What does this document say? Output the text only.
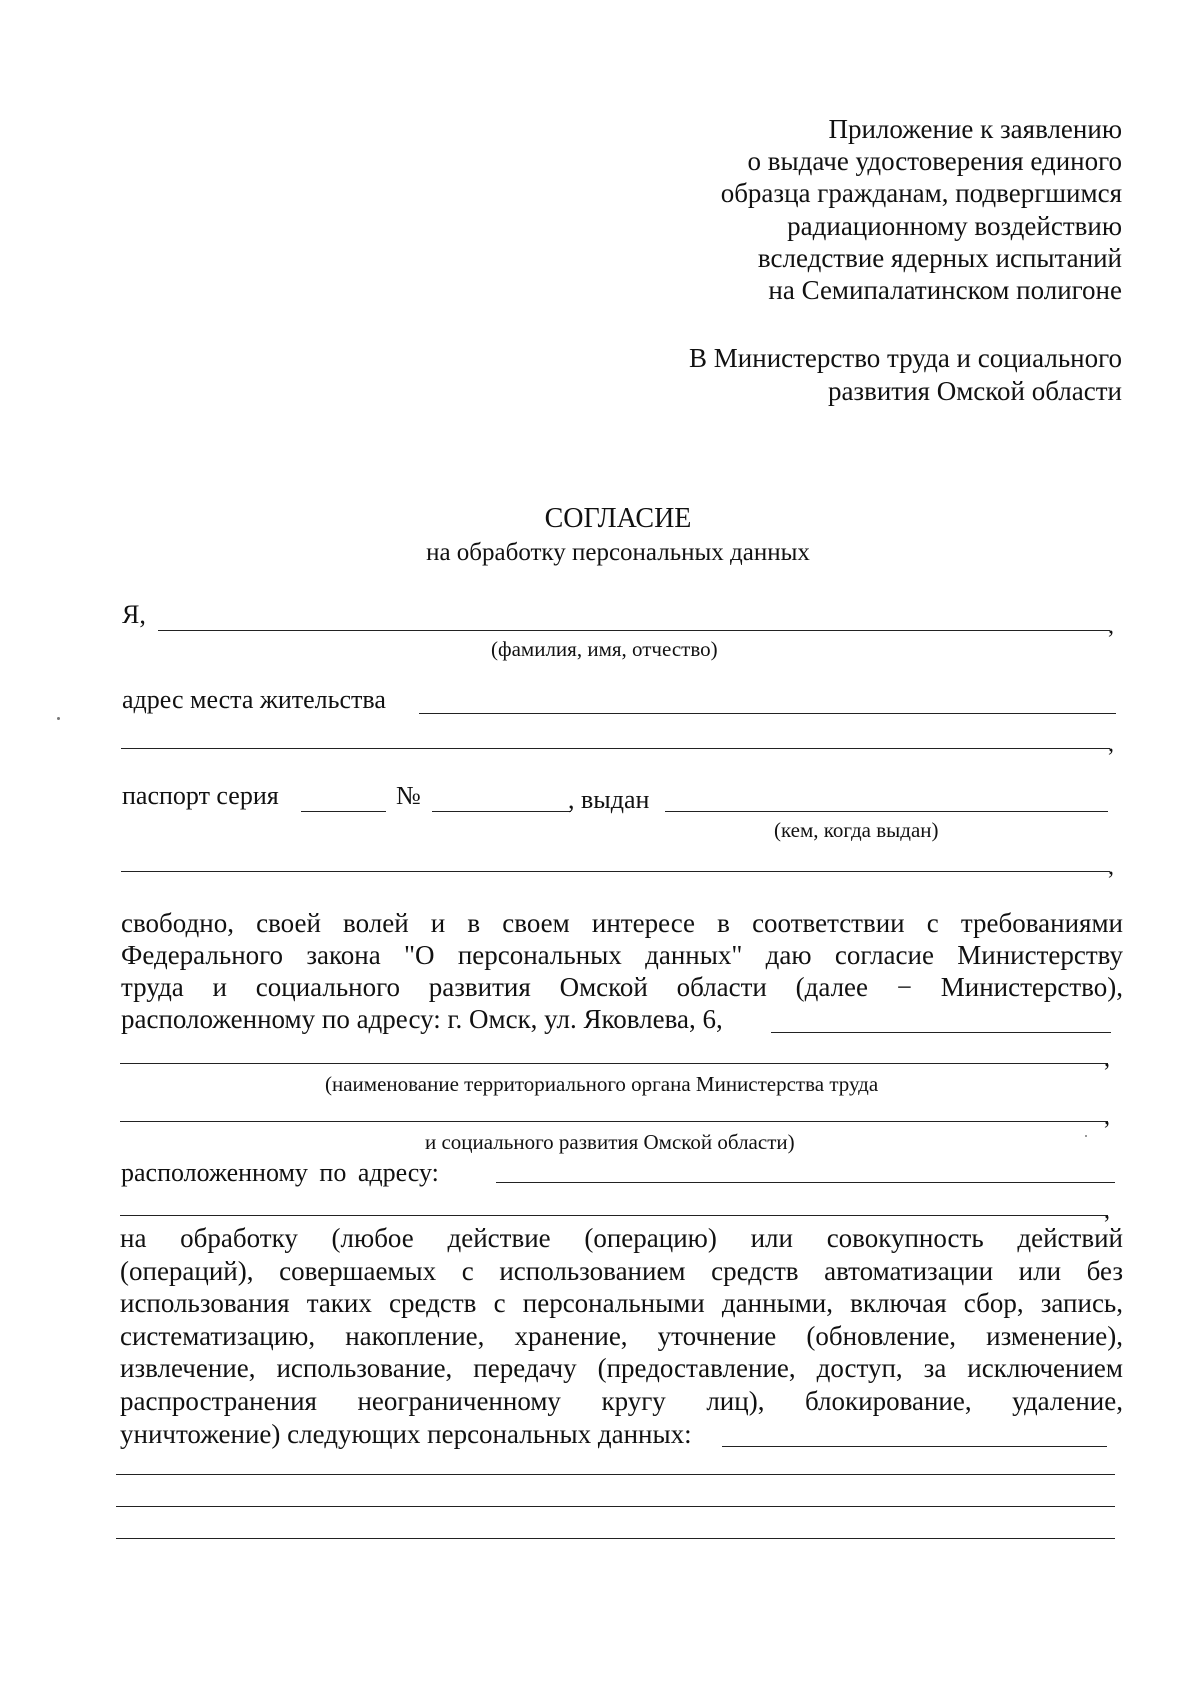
Приложение к заявлению
о выдаче удостоверения единого
образца гражданам, подвергшимся
радиационному воздействию
вследствие ядерных испытаний
на Семипалатинском полигоне
В Министерство труда и социального
развития Омской области
СОГЛАСИЕ
на обработку персональных данных
Я,	,
(фамилия, имя, отчество)
адрес места жительства
,
паспорт серия	№	, выдан
(кем, когда выдан)
,
свободно, своей волей и в своем интересе в соответствии с требованиями
Федерального закона "О персональных данных" даю согласие Министерству
труда и социального развития Омской области (далее − Министерство),
расположенному по адресу: г. Омск, ул. Яковлева, 6,
,
(наименование территориального органа Министерства труда
,
и социального развития Омской области)
расположенному по адресу:
,
на обработку (любое действие (операцию) или совокупность действий
(операций), совершаемых с использованием средств автоматизации или без
использования таких средств с персональными данными, включая сбор, запись,
систематизацию, накопление, хранение, уточнение (обновление, изменение),
извлечение, использование, передачу (предоставление, доступ, за исключением
распространения неограниченному кругу лиц), блокирование, удаление,
уничтожение) следующих персональных данных:
